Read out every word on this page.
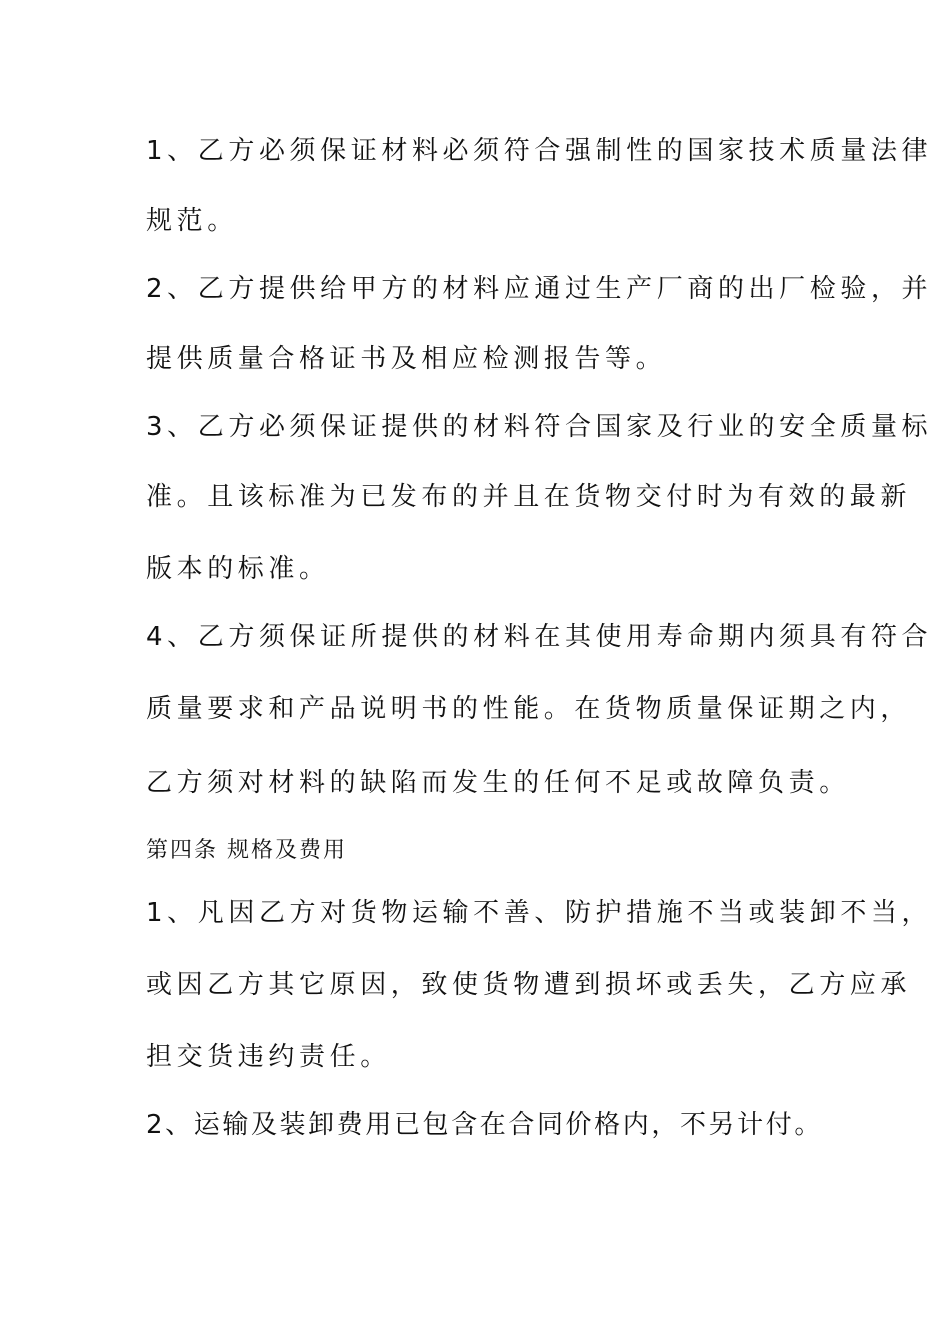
1、乙方必须保证材料必须符合强制性的国家技术质量法律
规范。
2、乙方提供给甲方的材料应通过生产厂商的出厂检验，并
提供质量合格证书及相应检测报告等。
3、乙方必须保证提供的材料符合国家及行业的安全质量标
准。且该标准为已发布的并且在货物交付时为有效的最新
版本的标准。
4、乙方须保证所提供的材料在其使用寿命期内须具有符合
质量要求和产品说明书的性能。在货物质量保证期之内，
乙方须对材料的缺陷而发生的任何不足或故障负责。
第四条 规格及费用
1、凡因乙方对货物运输不善、防护措施不当或装卸不当，
或因乙方其它原因，致使货物遭到损坏或丢失，乙方应承
担交货违约责任。
2、运输及装卸费用已包含在合同价格内，不另计付。
